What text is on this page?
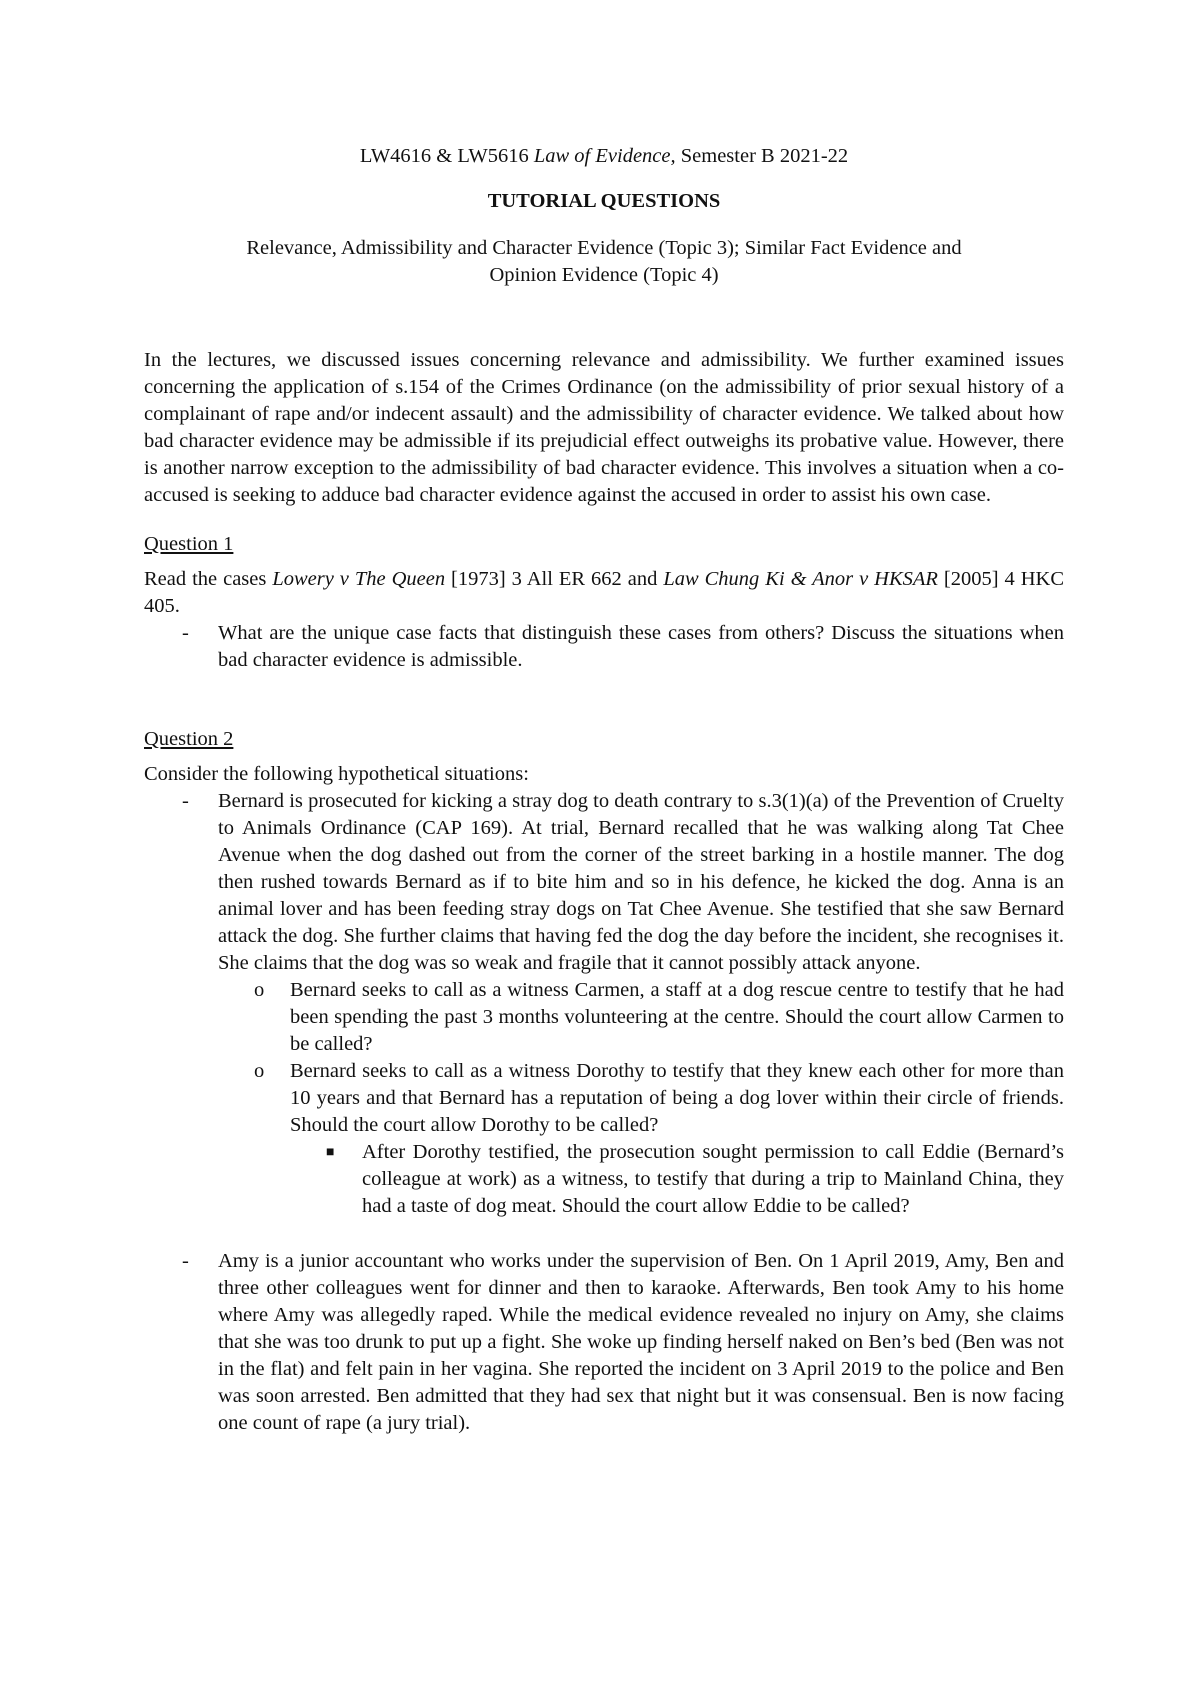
LW4616 & LW5616 Law of Evidence, Semester B 2021-22

TUTORIAL QUESTIONS

Relevance, Admissibility and Character Evidence (Topic 3); Similar Fact Evidence and
Opinion Evidence (Topic 4)

In the lectures, we discussed issues concerning relevance and admissibility. We further examined issues concerning the application of s.154 of the Crimes Ordinance (on the admissibility of prior sexual history of a complainant of rape and/or indecent assault) and the admissibility of character evidence. We talked about how bad character evidence may be admissible if its prejudicial effect outweighs its probative value. However, there is another narrow exception to the admissibility of bad character evidence. This involves a situation when a co-accused is seeking to adduce bad character evidence against the accused in order to assist his own case.

Question 1

Read the cases Lowery v The Queen [1973] 3 All ER 662 and Law Chung Ki & Anor v HKSAR [2005] 4 HKC 405.

- What are the unique case facts that distinguish these cases from others? Discuss the situations when bad character evidence is admissible.

Question 2

Consider the following hypothetical situations:

- Bernard is prosecuted for kicking a stray dog to death contrary to s.3(1)(a) of the Prevention of Cruelty to Animals Ordinance (CAP 169). At trial, Bernard recalled that he was walking along Tat Chee Avenue when the dog dashed out from the corner of the street barking in a hostile manner. The dog then rushed towards Bernard as if to bite him and so in his defence, he kicked the dog. Anna is an animal lover and has been feeding stray dogs on Tat Chee Avenue. She testified that she saw Bernard attack the dog. She further claims that having fed the dog the day before the incident, she recognises it. She claims that the dog was so weak and fragile that it cannot possibly attack anyone.
o Bernard seeks to call as a witness Carmen, a staff at a dog rescue centre to testify that he had been spending the past 3 months volunteering at the centre. Should the court allow Carmen to be called?
o Bernard seeks to call as a witness Dorothy to testify that they knew each other for more than 10 years and that Bernard has a reputation of being a dog lover within their circle of friends. Should the court allow Dorothy to be called?
■ After Dorothy testified, the prosecution sought permission to call Eddie (Bernard’s colleague at work) as a witness, to testify that during a trip to Mainland China, they had a taste of dog meat. Should the court allow Eddie to be called?
- Amy is a junior accountant who works under the supervision of Ben. On 1 April 2019, Amy, Ben and three other colleagues went for dinner and then to karaoke. Afterwards, Ben took Amy to his home where Amy was allegedly raped. While the medical evidence revealed no injury on Amy, she claims that she was too drunk to put up a fight. She woke up finding herself naked on Ben’s bed (Ben was not in the flat) and felt pain in her vagina. She reported the incident on 3 April 2019 to the police and Ben was soon arrested. Ben admitted that they had sex that night but it was consensual. Ben is now facing one count of rape (a jury trial).
